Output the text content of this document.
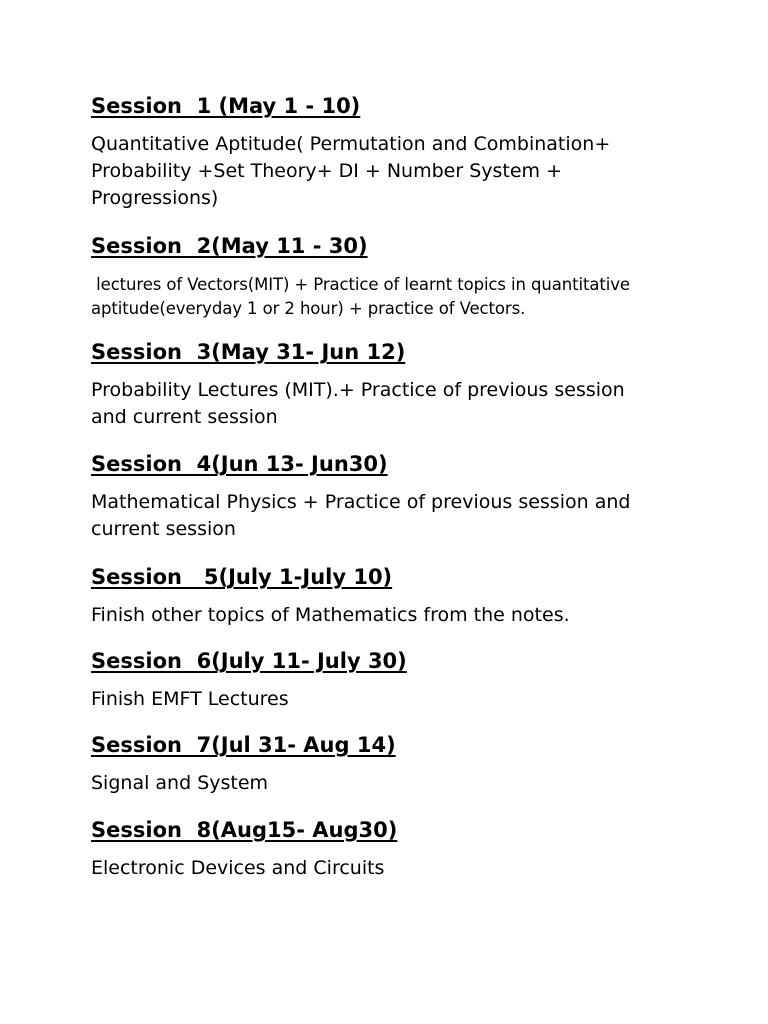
Session  1 (May 1 - 10)

Quantitative Aptitude( Permutation and Combination+
Probability +Set Theory+ DI + Number System +
Progressions)

Session  2(May 11 - 30)

lectures of Vectors(MIT) + Practice of learnt topics in quantitative
aptitude(everyday 1 or 2 hour) + practice of Vectors.

Session  3(May 31- Jun 12)

Probability Lectures (MIT).+ Practice of previous session
and current session

Session  4(Jun 13- Jun30)

Mathematical Physics + Practice of previous session and
current session

Session   5(July 1-July 10)

Finish other topics of Mathematics from the notes.

Session  6(July 11- July 30)

Finish EMFT Lectures

Session  7(Jul 31- Aug 14)

Signal and System

Session  8(Aug15- Aug30)

Electronic Devices and Circuits
